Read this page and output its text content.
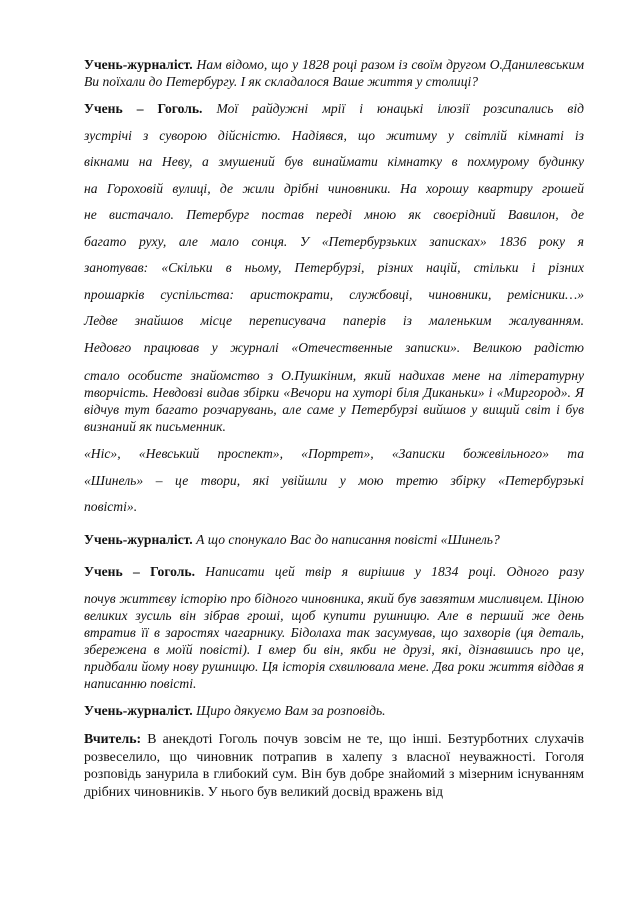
Учень-журналіст. Нам відомо, що у 1828 році разом із своїм другом О.Данилевським Ви поїхали до Петербургу. І як складалося Ваше життя у столиці?

Учень – Гоголь. Мої райдужні мрії і юнацькі ілюзії розсипались від

зустрічі з суворою дійсністю. Надіявся, що житиму у світлій кімнаті із

вікнами на Неву, а змушений був винаймати кімнатку в похмурому будинку

на Гороховій вулиці, де жили дрібні чиновники. На хорошу квартиру грошей

не вистачало. Петербург постав переді мною як своєрідний Вавилон, де

багато руху, але мало сонця. У «Петербурзьких записках» 1836 року я

занотував: «Скільки в ньому, Петербурзі, різних націй, стільки і різних

прошарків суспільства: аристократи, службовці, чиновники, ремісники…»

Ледве знайшов місце переписувача паперів із маленьким жалуванням.

Недовго працював у журналі «Отечественные записки». Великою радістю

стало особисте знайомство з О.Пушкіним, який надихав мене на літературну творчість. Невдовзі видав збірки «Вечори на хуторі біля Диканьки» і «Миргород». Я відчув тут багато розчарувань, але саме у Петербурзі вийшов у вищий світ і був визнаний як письменник.

«Ніс», «Невський проспект», «Портрет», «Записки божевільного» та

«Шинель» – це твори, які увійшли у мою третю збірку «Петербурзькі

повісті».

Учень-журналіст. А що спонукало Вас до написання повісті «Шинель?

Учень – Гоголь. Написати цей твір я вирішив у 1834 році. Одного разу

почув життєву історію про бідного чиновника, який був завзятим мисливцем. Ціною великих зусиль він зібрав гроші, щоб купити рушницю. Але в перший же день втратив її в заростях чагарнику. Бідолаха так засумував, що захворів (ця деталь, збережена в моїй повісті). І вмер би він, якби не друзі, які, дізнавшись про це, придбали йому нову рушницю. Ця історія схвилювала мене. Два роки життя віддав я написанню повісті.

Учень-журналіст. Щиро дякуємо Вам за розповідь.

Вчитель: В анекдоті Гоголь почув зовсім не те, що інші. Безтурботних слухачів розвеселило, що чиновник потрапив в халепу з власної неуважності. Гоголя розповідь занурила в глибокий сум. Він був добре знайомий з мізерним існуванням дрібних чиновників. У нього був великий досвід вражень від
